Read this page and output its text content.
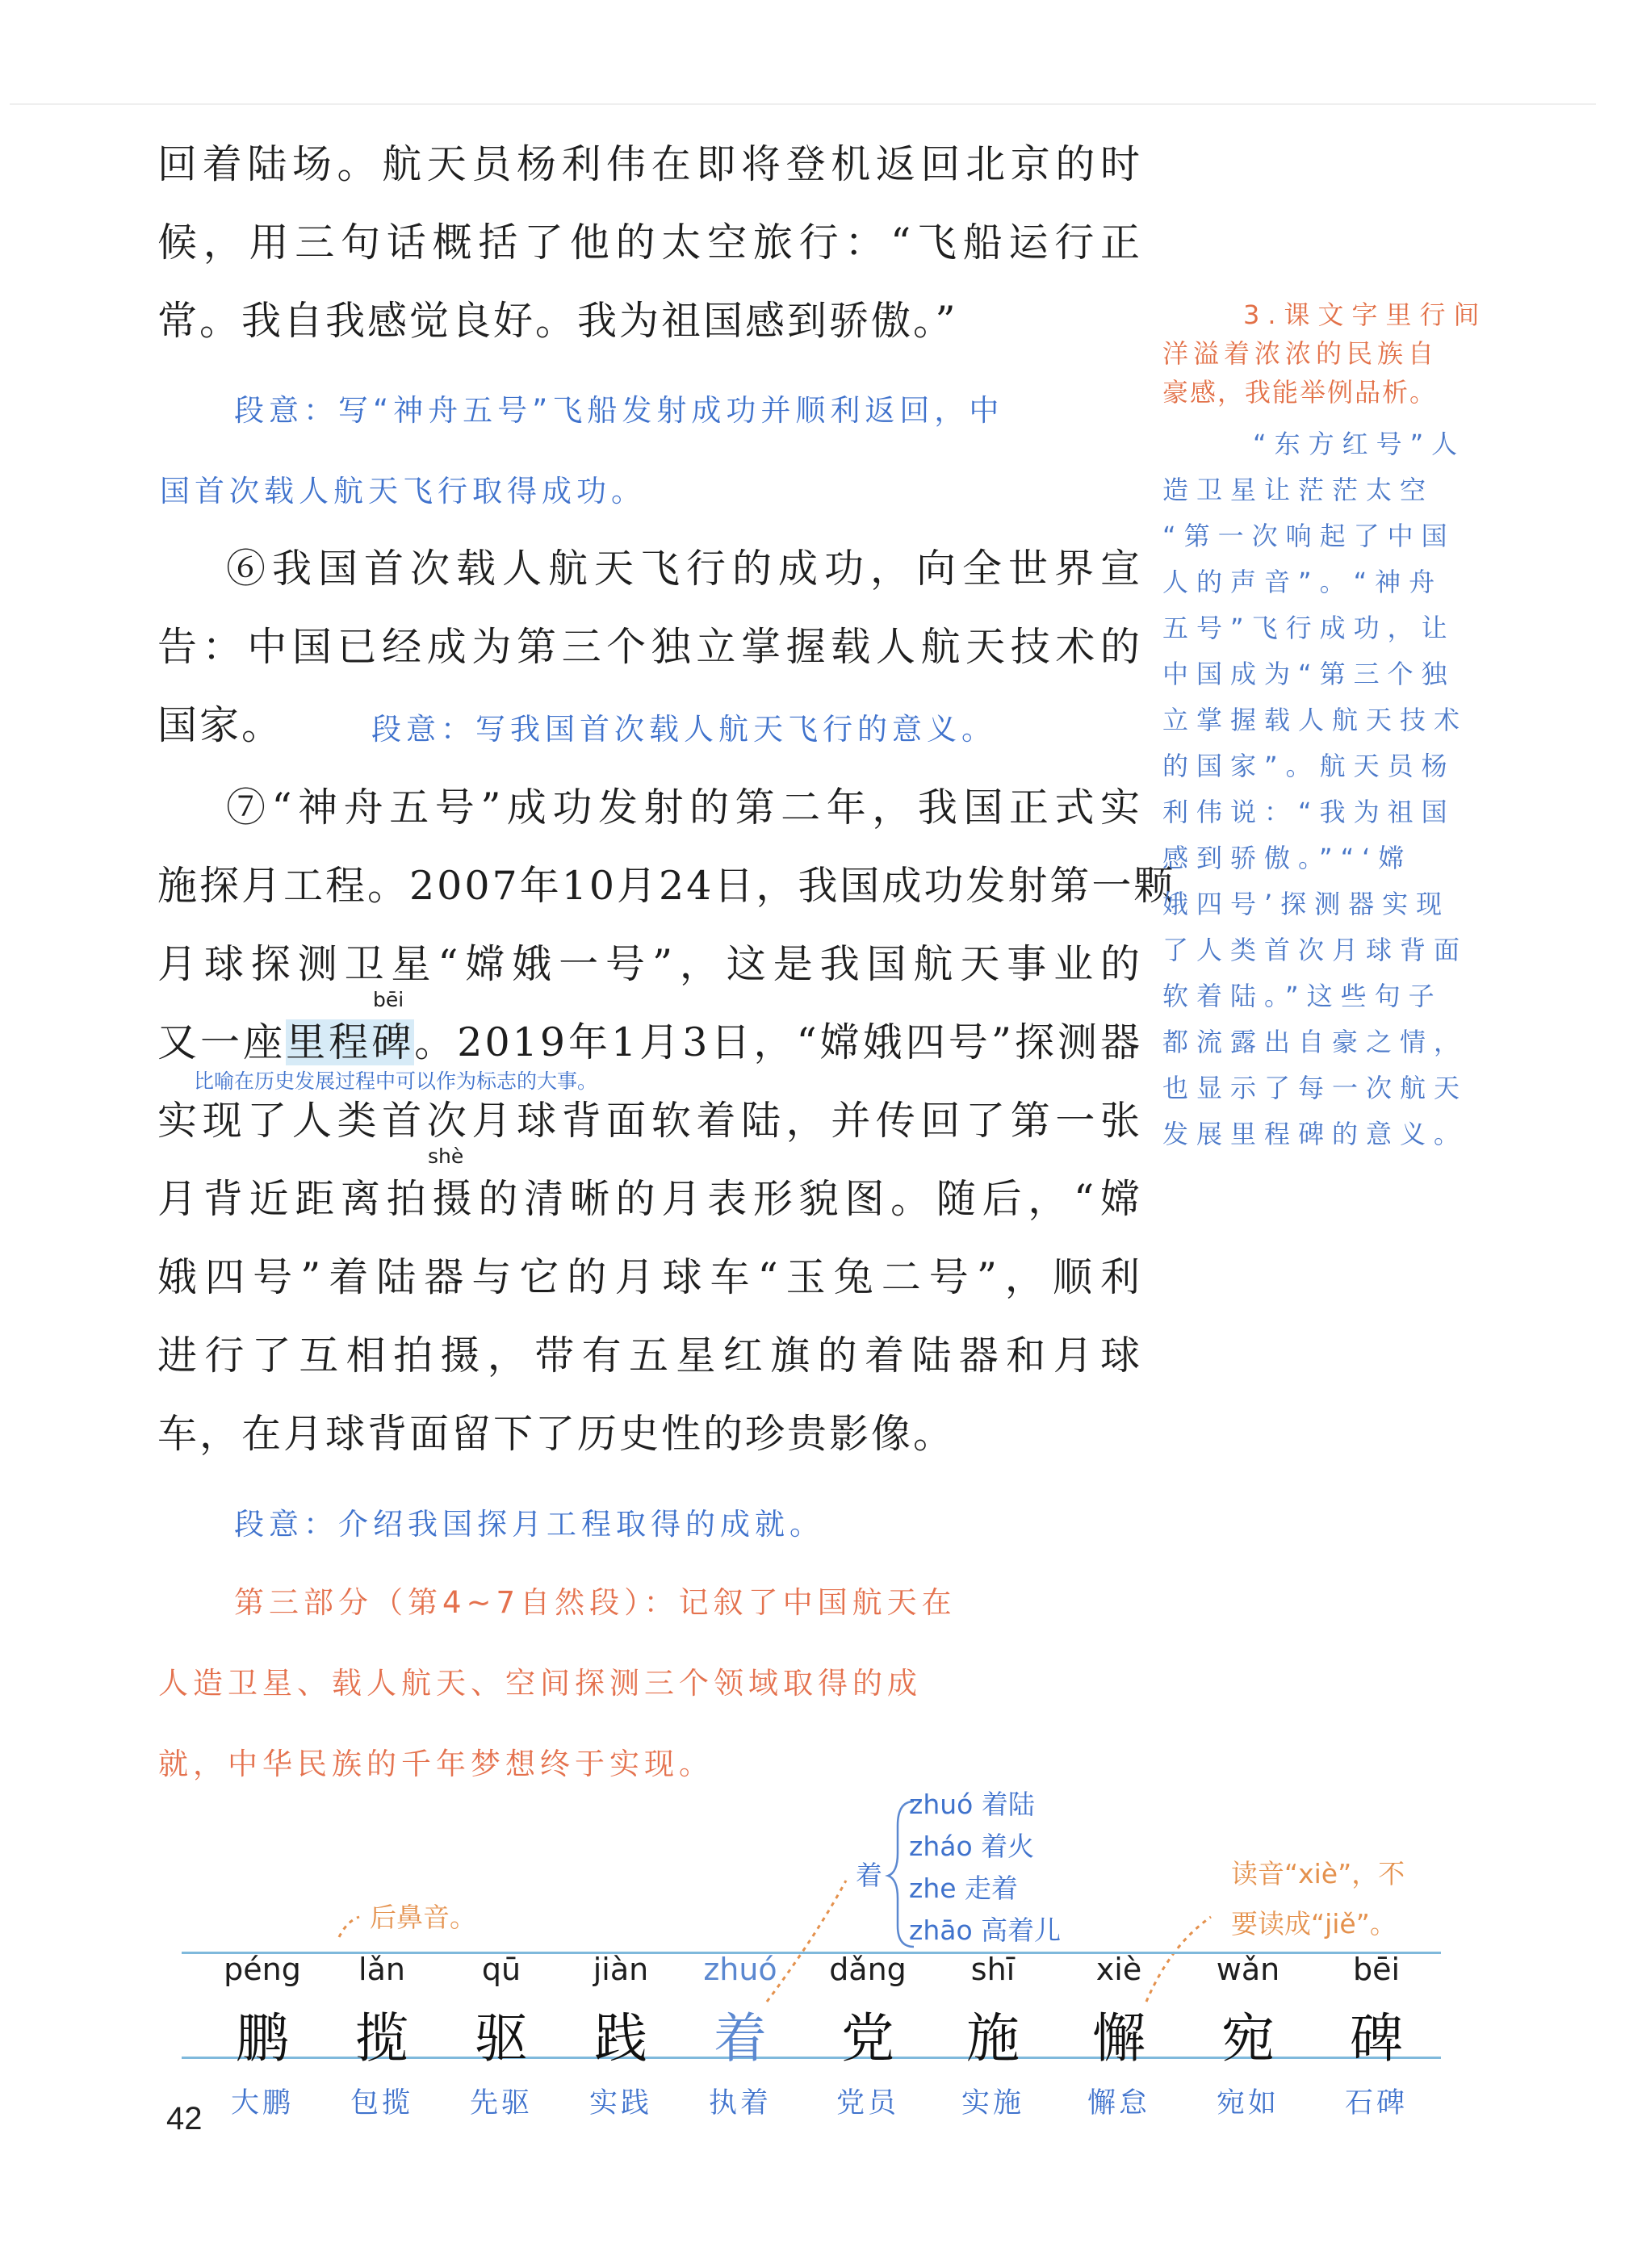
回着陆场。航天员杨利伟在即将登机返回北京的时
候，用三句话概括了他的太空旅行：“飞船运行正
常。我自我感觉良好。我为祖国感到骄傲。”
段意：写“神舟五号”飞船发射成功并顺利返回，中
国首次载人航天飞行取得成功。
⑥我国首次载人航天飞行的成功，向全世界宣
告：中国已经成为第三个独立掌握载人航天技术的
国家。	段意：写我国首次载人航天飞行的意义。
⑦“神舟五号”成功发射的第二年，我国正式实
施探月工程。2007年10月24日，我国成功发射第一颗
月球探测卫星“嫦娥一号”，这是我国航天事业的
bēi
又一座里程碑。2019年1月3日，“嫦娥四号”探测器
比喻在历史发展过程中可以作为标志的大事。
实现了人类首次月球背面软着陆，并传回了第一张
shè
月背近距离拍摄的清晰的月表形貌图。随后，“嫦
娥四号”着陆器与它的月球车“玉兔二号”，顺利
进行了互相拍摄，带有五星红旗的着陆器和月球
车，在月球背面留下了历史性的珍贵影像。
段意：介绍我国探月工程取得的成就。
第三部分（第4~7自然段）：记叙了中国航天在
人造卫星、载人航天、空间探测三个领域取得的成
就，中华民族的千年梦想终于实现。
3.课文字里行间
洋溢着浓浓的民族自
豪感，我能举例品析。
“东方红号”人
造卫星让茫茫太空
“第一次响起了中国
人的声音”。“神舟
五号”飞行成功，让
中国成为“第三个独
立掌握载人航天技术
的国家”。航天员杨
利伟说：“我为祖国
感到骄傲。”“‘嫦
娥四号’探测器实现
了人类首次月球背面
软着陆。”这些句子
都流露出自豪之情，
也显示了每一次航天
发展里程碑的意义。
后鼻音。
着
zhuó 着陆
zháo 着火
zhe 走着
zhāo 高着儿
读音“xiè”，不
要读成“jiě”。
péng
鹏
大鹏
lǎn
揽
包揽
qū
驱
先驱
jiàn
践
实践
zhuó
着
执着
dǎng
党
党员
shī
施
实施
xiè
懈
懈怠
wǎn
宛
宛如
bēi
碑
石碑
42
